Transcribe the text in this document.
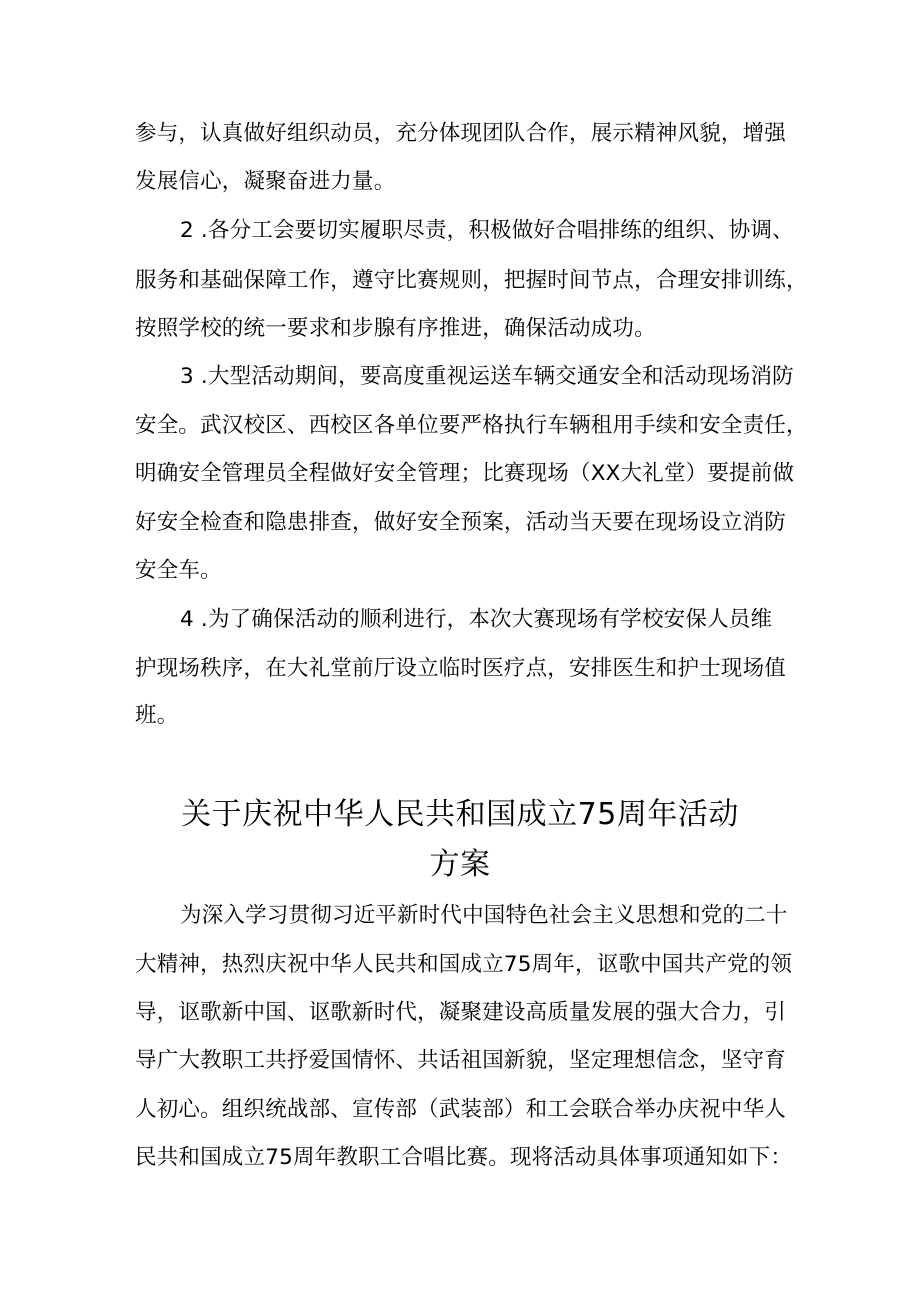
参与，认真做好组织动员，充分体现团队合作，展示精神风貌，增强
发展信心，凝聚奋进力量。
2 .各分工会要切实履职尽责，积极做好合唱排练的组织、协调、
服务和基础保障工作，遵守比赛规则，把握时间节点，合理安排训练，
按照学校的统一要求和步腺有序推进，确保活动成功。
3 .大型活动期间，要高度重视运送车辆交通安全和活动现场消防
安全。武汉校区、西校区各单位要严格执行车辆租用手续和安全责任，
明确安全管理员全程做好安全管理；比赛现场（XX大礼堂）要提前做
好安全检查和隐患排查，做好安全预案，活动当天要在现场设立消防
安全车。
4 .为了确保活动的顺利进行，本次大赛现场有学校安保人员维
护现场秩序，在大礼堂前厅设立临时医疗点，安排医生和护士现场值
班。
关于庆祝中华人民共和国成立75周年活动
方案
为深入学习贯彻习近平新时代中国特色社会主义思想和党的二十
大精神，热烈庆祝中华人民共和国成立75周年，讴歌中国共产党的领
导，讴歌新中国、讴歌新时代，凝聚建设高质量发展的强大合力，引
导广大教职工共抒爱国情怀、共话祖国新貌，坚定理想信念，坚守育
人初心。组织统战部、宣传部（武装部）和工会联合举办庆祝中华人
民共和国成立75周年教职工合唱比赛。现将活动具体事项通知如下：
